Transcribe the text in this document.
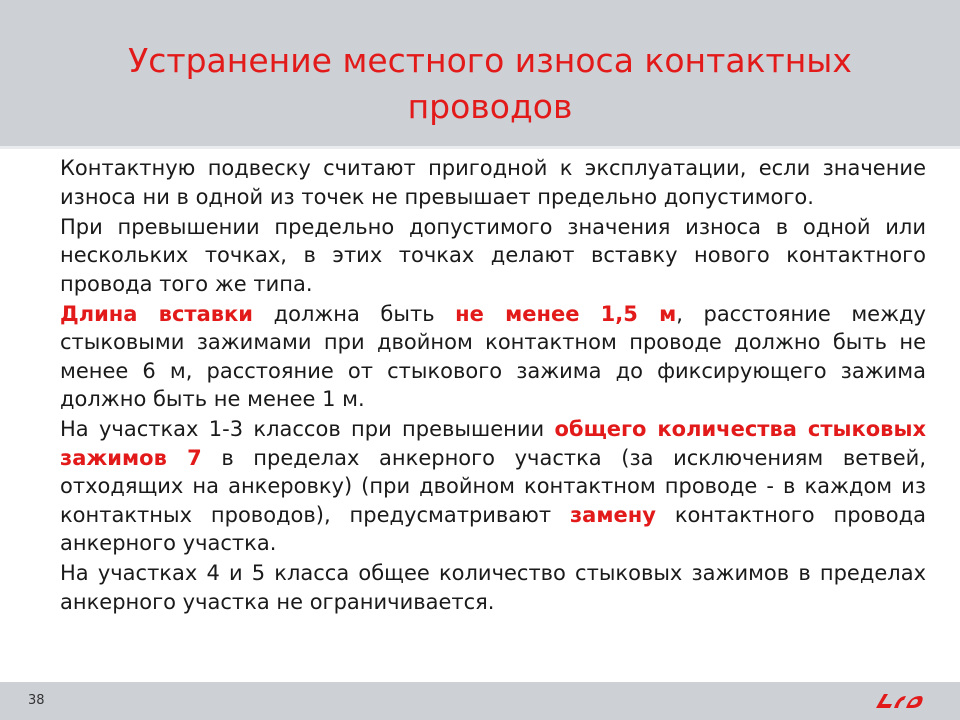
Устранение местного износа контактных проводов

Контактную подвеску считают пригодной к эксплуатации, если значение износа ни в одной из точек не превышает предельно допустимого.

При превышении предельно допустимого значения износа в одной или нескольких точках, в этих точках делают вставку нового контактного провода того же типа.

Длина вставки должна быть не менее 1,5 м, расстояние между стыковыми зажимами при двойном контактном проводе должно быть не менее 6 м, расстояние от стыкового зажима до фиксирующего зажима должно быть не менее 1 м.

На участках 1-3 классов при превышении общего количества стыковых зажимов 7 в пределах анкерного участка (за исключениям ветвей, отходящих на анкеровку) (при двойном контактном проводе - в каждом из контактных проводов), предусматривают замену контактного провода анкерного участка.

На участках 4 и 5 класса общее количество стыковых зажимов в пределах анкерного участка не ограничивается.

38
